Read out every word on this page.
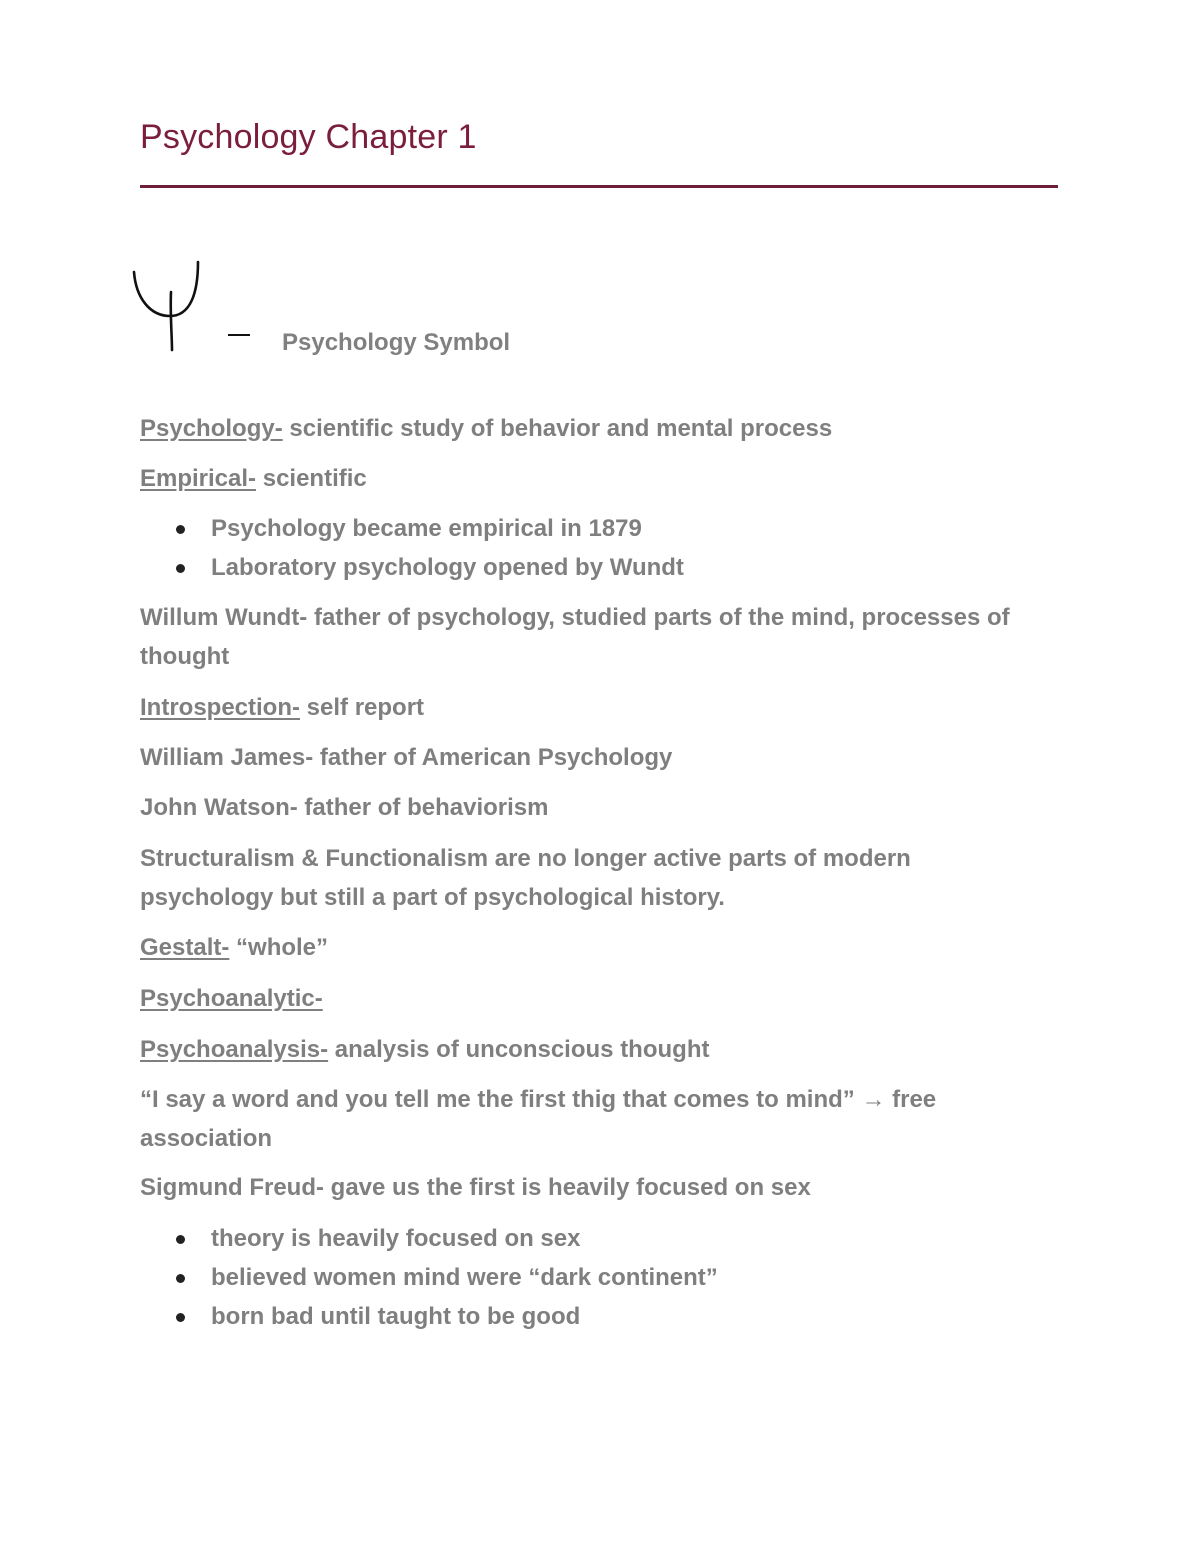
Psychology Chapter 1
Psychology Symbol
Psychology- scientific study of behavior and mental process
Empirical- scientific
Psychology became empirical in 1879
Laboratory psychology opened by Wundt
Willum Wundt- father of psychology, studied parts of the mind, processes of thought
Introspection- self report
William James- father of American Psychology
John Watson- father of behaviorism
Structuralism & Functionalism are no longer active parts of modern psychology but still a part of psychological history.
Gestalt- “whole”
Psychoanalytic-
Psychoanalysis- analysis of unconscious thought
“I say a word and you tell me the first thig that comes to mind” → free association
Sigmund Freud- gave us the first is heavily focused on sex
theory is heavily focused on sex
believed women mind were “dark continent”
born bad until taught to be good
